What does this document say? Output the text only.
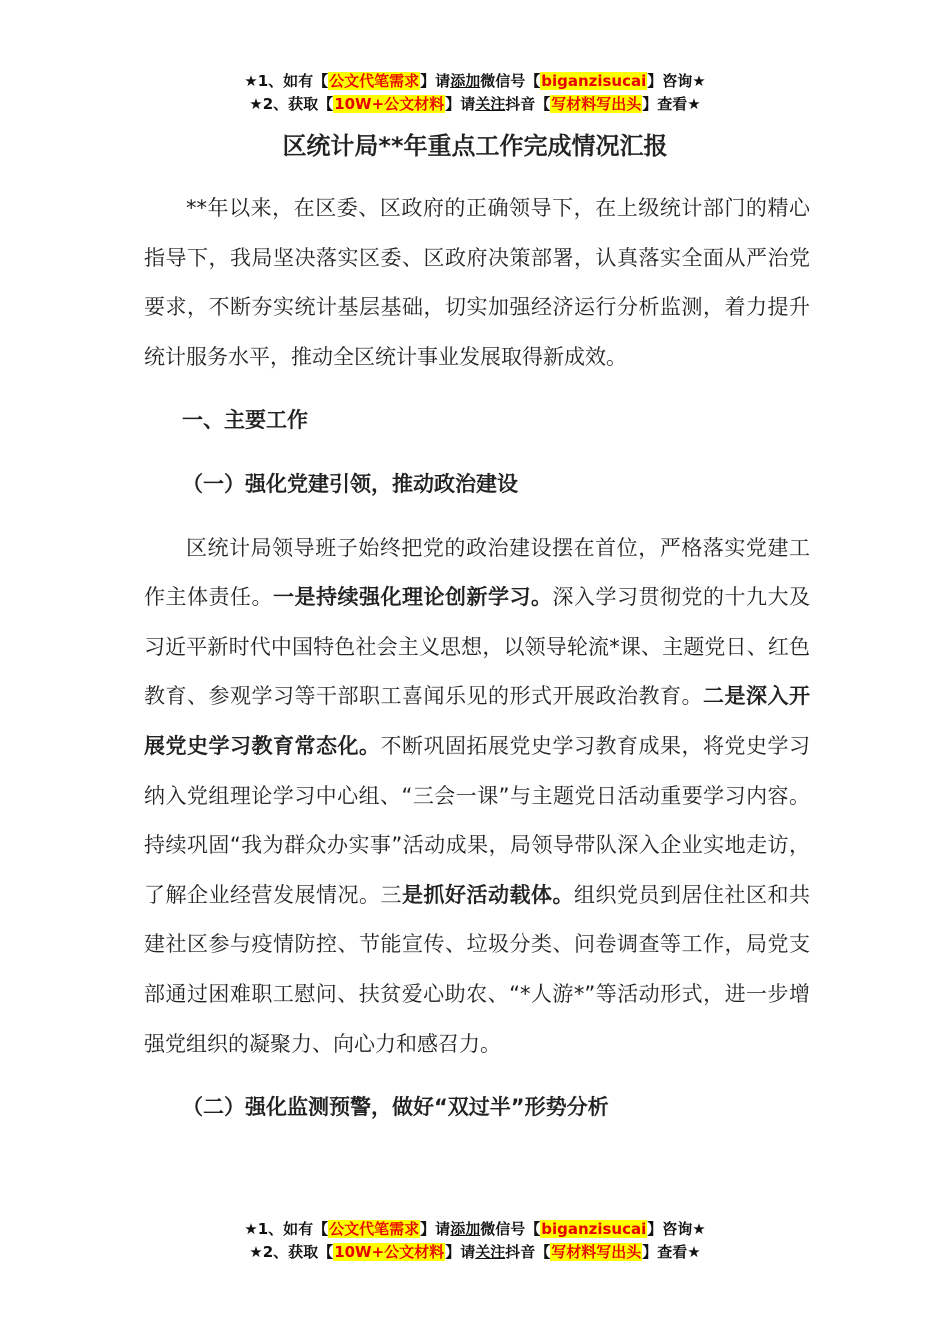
★1、如有【公文代笔需求】请添加微信号【biganzisucai】咨询★
★2、获取【10W+公文材料】请关注抖音【写材料写出头】查看★
区统计局**年重点工作完成情况汇报

**年以来，在区委、区政府的正确领导下，在上级统计部门的精心指导下，我局坚决落实区委、区政府决策部署，认真落实全面从严治党要求，不断夯实统计基层基础，切实加强经济运行分析监测，着力提升统计服务水平，推动全区统计事业发展取得新成效。

一、主要工作

（一）强化党建引领，推动政治建设

区统计局领导班子始终把党的政治建设摆在首位，严格落实党建工作主体责任。一是持续强化理论创新学习。深入学习贯彻党的十九大及习近平新时代中国特色社会主义思想，以领导轮流*课、主题党日、红色教育、参观学习等干部职工喜闻乐见的形式开展政治教育。二是深入开展党史学习教育常态化。不断巩固拓展党史学习教育成果，将党史学习纳入党组理论学习中心组、“三会一课”与主题党日活动重要学习内容。持续巩固“我为群众办实事”活动成果，局领导带队深入企业实地走访，了解企业经营发展情况。三是抓好活动载体。组织党员到居住社区和共建社区参与疫情防控、节能宣传、垃圾分类、问卷调查等工作，局党支部通过困难职工慰问、扶贫爱心助农、“*人游*”等活动形式，进一步增强党组织的凝聚力、向心力和感召力。

（二）强化监测预警，做好“双过半”形势分析

★1、如有【公文代笔需求】请添加微信号【biganzisucai】咨询★
★2、获取【10W+公文材料】请关注抖音【写材料写出头】查看★
